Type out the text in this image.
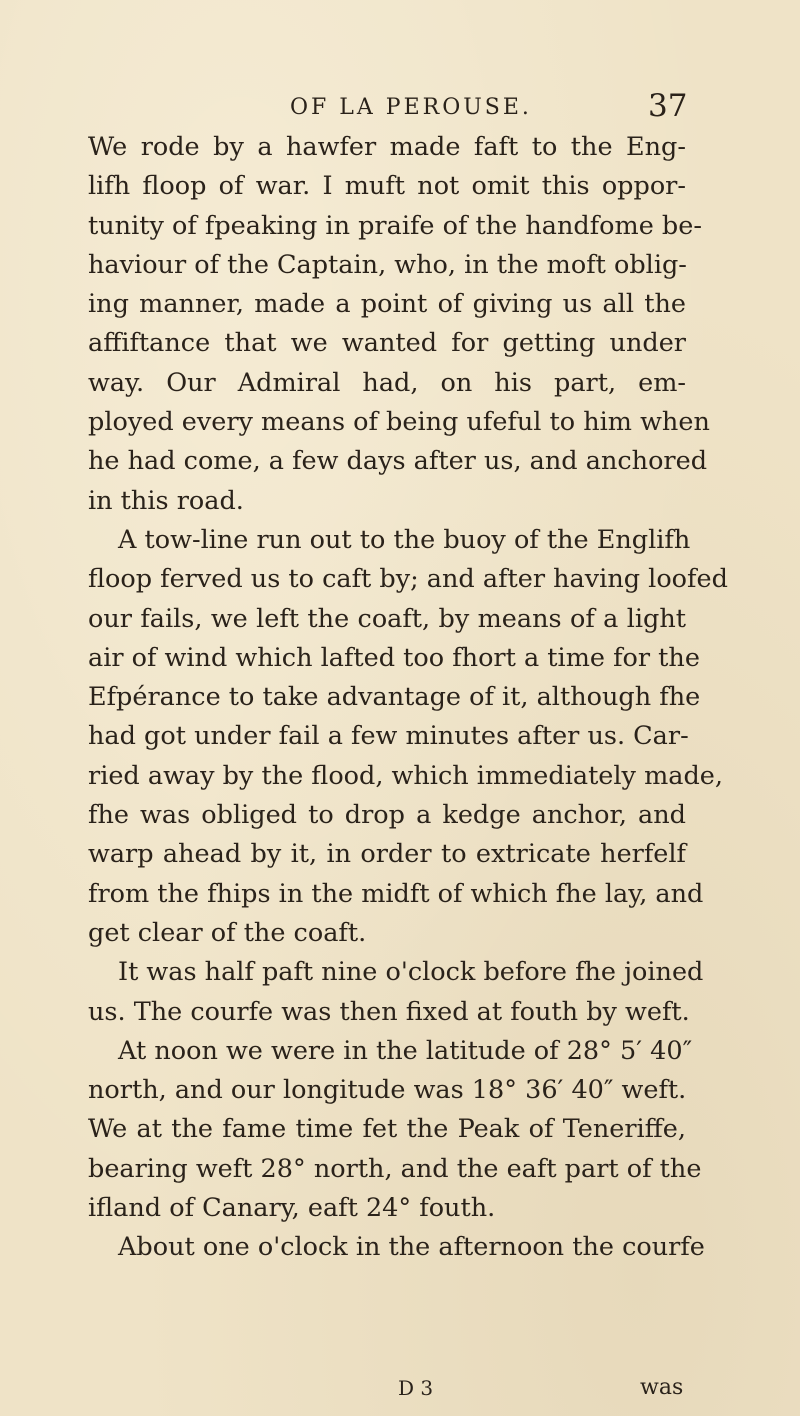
OF LA PEROUSE.	37
We rode by a hawfer made faft to the Eng-
lifh floop of war. I muft not omit this oppor-
tunity of fpeaking in praife of the handfome be-
haviour of the Captain, who, in the moft oblig-
ing manner, made a point of giving us all the
affiftance that we wanted for getting under
way. Our Admiral had, on his part, em-
ployed every means of being ufeful to him when
he had come, a few days after us, and anchored
in this road.
A tow-line run out to the buoy of the Englifh
floop ferved us to caft by; and after having loofed
our fails, we left the coaft, by means of a light
air of wind which lafted too fhort a time for the
Efpérance to take advantage of it, although fhe
had got under fail a few minutes after us. Car-
ried away by the flood, which immediately made,
fhe was obliged to drop a kedge anchor, and
warp ahead by it, in order to extricate herfelf
from the fhips in the midft of which fhe lay, and
get clear of the coaft.
It was half paft nine o'clock before fhe joined
us. The courfe was then fixed at fouth by weft.
At noon we were in the latitude of 28° 5′ 40″
north, and our longitude was 18° 36′ 40″ weft.
We at the fame time fet the Peak of Teneriffe,
bearing weft 28° north, and the eaft part of the
ifland of Canary, eaft 24° fouth.
About one o'clock in the afternoon the courfe
D 3	was
